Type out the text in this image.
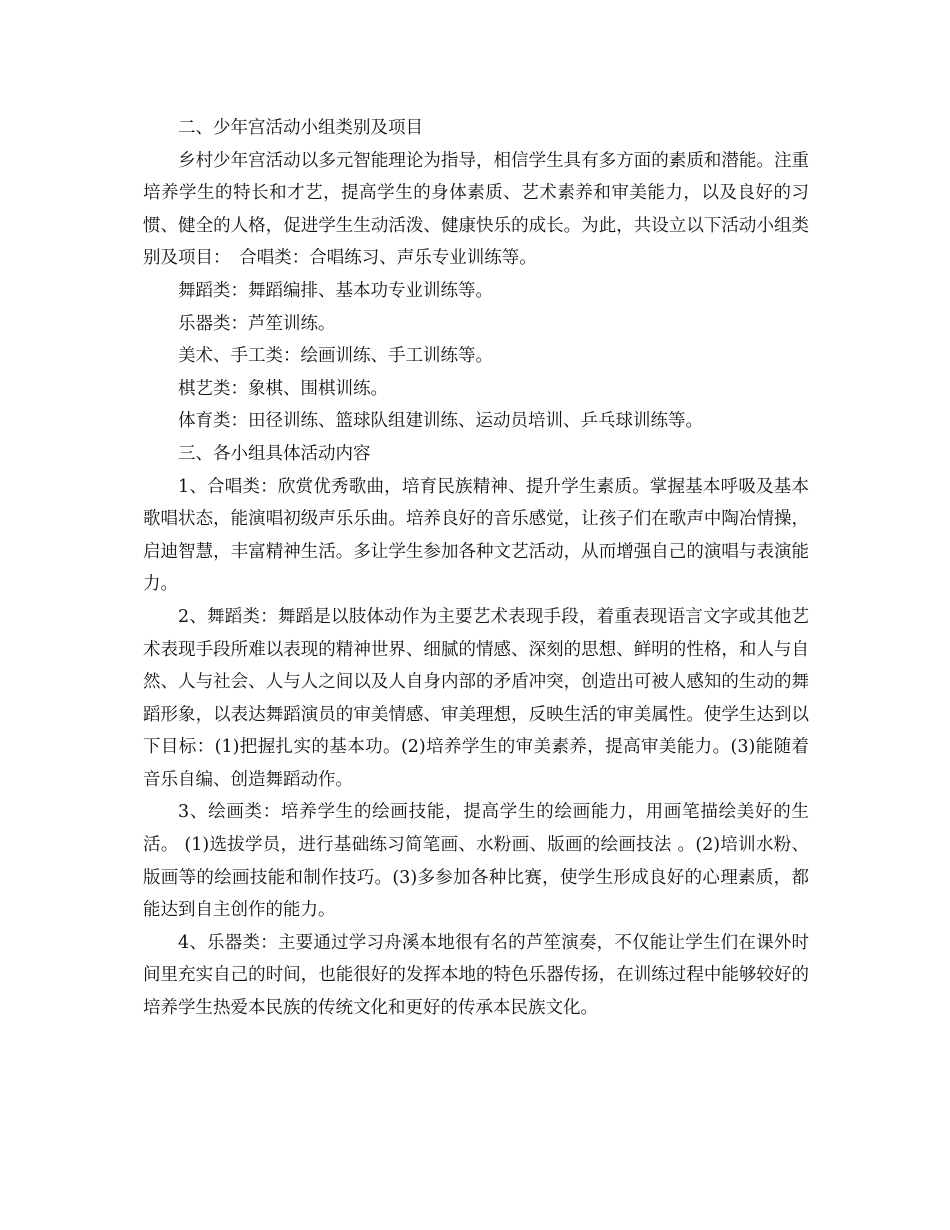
二、少年宫活动小组类别及项目

乡村少年宫活动以多元智能理论为指导，相信学生具有多方面的素质和潜能。注重培养学生的特长和才艺，提高学生的身体素质、艺术素养和审美能力，以及良好的习惯、健全的人格，促进学生生动活泼、健康快乐的成长。为此，共设立以下活动小组类别及项目：　合唱类：合唱练习、声乐专业训练等。

舞蹈类：舞蹈编排、基本功专业训练等。

乐器类：芦笙训练。

美术、手工类：绘画训练、手工训练等。

棋艺类：象棋、围棋训练。

体育类：田径训练、篮球队组建训练、运动员培训、乒乓球训练等。

三、各小组具体活动内容

1、合唱类：欣赏优秀歌曲，培育民族精神、提升学生素质。掌握基本呼吸及基本歌唱状态，能演唱初级声乐乐曲。培养良好的音乐感觉，让孩子们在歌声中陶冶情操，启迪智慧，丰富精神生活。多让学生参加各种文艺活动，从而增强自己的演唱与表演能力。

2、舞蹈类：舞蹈是以肢体动作为主要艺术表现手段，着重表现语言文字或其他艺术表现手段所难以表现的精神世界、细腻的情感、深刻的思想、鲜明的性格，和人与自然、人与社会、人与人之间以及人自身内部的矛盾冲突，创造出可被人感知的生动的舞蹈形象，以表达舞蹈演员的审美情感、审美理想，反映生活的审美属性。使学生达到以下目标：(1)把握扎实的基本功。(2)培养学生的审美素养，提高审美能力。(3)能随着音乐自编、创造舞蹈动作。

3、绘画类：培养学生的绘画技能，提高学生的绘画能力，用画笔描绘美好的生活。 (1)选拔学员，进行基础练习简笔画、水粉画、版画的绘画技法 。(2)培训水粉、版画等的绘画技能和制作技巧。(3)多参加各种比赛，使学生形成良好的心理素质，都能达到自主创作的能力。

4、乐器类：主要通过学习舟溪本地很有名的芦笙演奏，不仅能让学生们在课外时间里充实自己的时间，也能很好的发挥本地的特色乐器传扬，在训练过程中能够较好的培养学生热爱本民族的传统文化和更好的传承本民族文化。
